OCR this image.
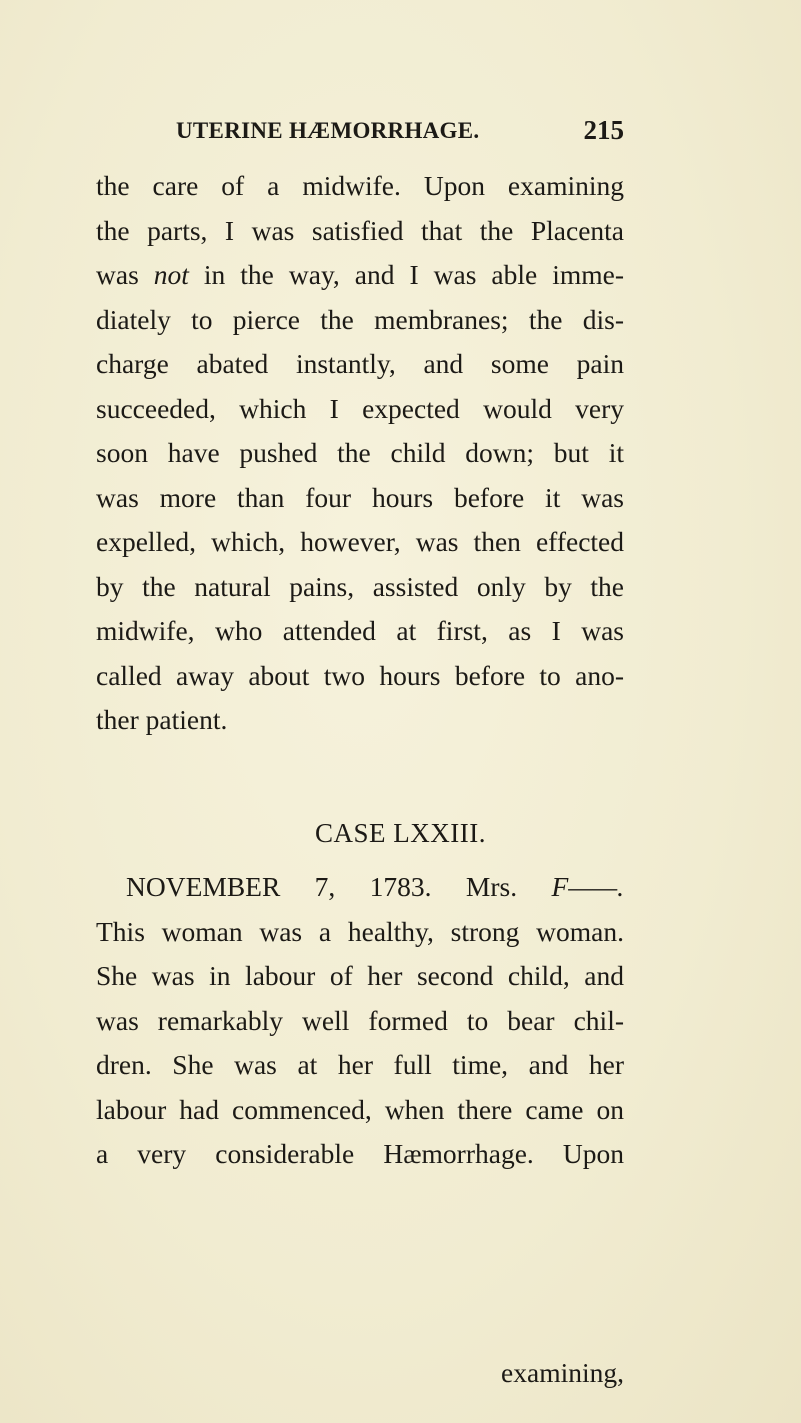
UTERINE HÆMORRHAGE.	215
the care of a midwife. Upon examining
the parts, I was satisfied that the Placenta
was not in the way, and I was able imme-
diately to pierce the membranes; the dis-
charge abated instantly, and some pain
succeeded, which I expected would very
soon have pushed the child down; but it
was more than four hours before it was
expelled, which, however, was then effected
by the natural pains, assisted only by the
midwife, who attended at first, as I was
called away about two hours before to ano-
ther patient.
CASE LXXIII.
NOVEMBER 7, 1783. Mrs. F——.
This woman was a healthy, strong woman.
She was in labour of her second child, and
was remarkably well formed to bear chil-
dren. She was at her full time, and her
labour had commenced, when there came on
a very considerable Hæmorrhage. Upon
examining,
